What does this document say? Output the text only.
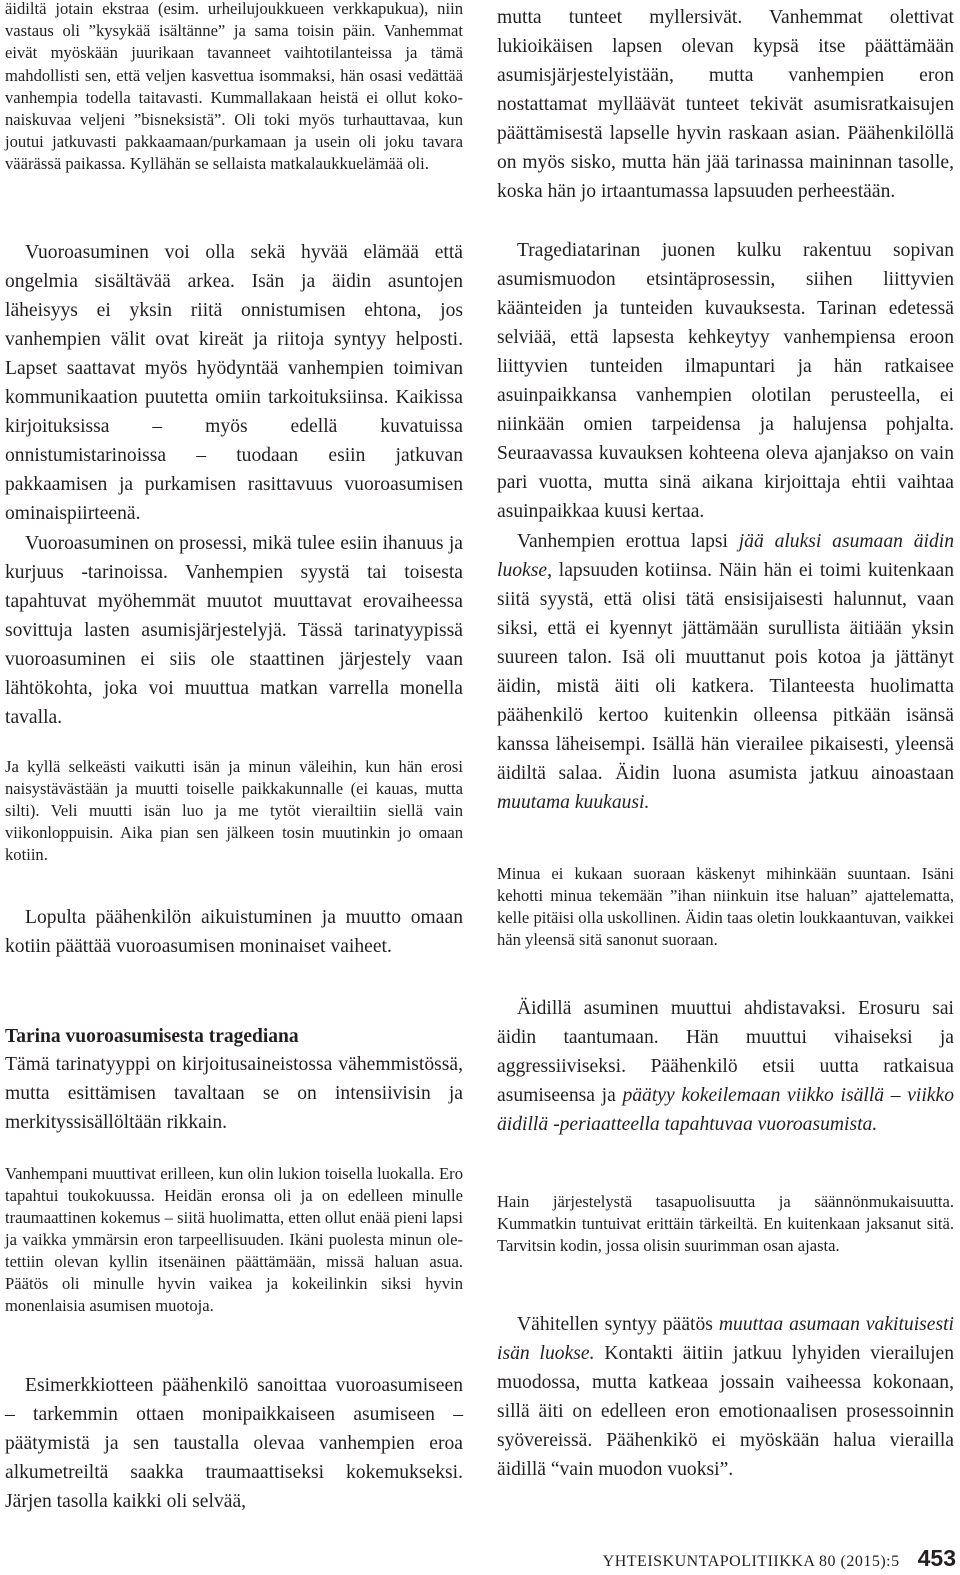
äidiltä jotain ekstraa (esim. urheilujoukkueen verkkapukua), niin vastaus oli ”kysykää isältänne” ja sama toisin päin. Vanhemmat eivät myöskään juurikaan tavanneet vaihtotilanteissa ja tämä mahdollisti sen, että veljen kasvettua isommaksi, hän osasi vedättää vanhempia todella taitavasti. Kummallakaan heistä ei ollut kokonaiskuvaa veljeni ”bisneksistä”. Oli toki myös turhauttavaa, kun joutui jatkuvasti pakkaamaan/purkamaan ja usein oli joku tavara väärässä paikassa. Kyllähän se sellaista matkalaukkuelämää oli.

Vuoroasuminen voi olla sekä hyvää elämää että ongelmia sisältävää arkea. Isän ja äidin asuntojen läheisyys ei yksin riitä onnistumisen ehtona, jos vanhempien välit ovat kireät ja riitoja syntyy helposti. Lapset saattavat myös hyödyntää vanhempien toimivan kommunikaation puutetta omiin tarkoituksiinsa. Kaikissa kirjoituksissa – myös edellä kuvatuissa onnistumistarinoissa – tuodaan esiin jatkuvan pakkaamisen ja purkamisen rasittavuus vuoroasumisen ominaispiirteenä.

Vuoroasuminen on prosessi, mikä tulee esiin ihanuus ja kurjuus -tarinoissa. Vanhempien syystä tai toisesta tapahtuvat myöhemmät muutot muuttavat erovaiheessa sovittuja lasten asumisjärjestelyjä. Tässä tarinatyypissä vuoroasuminen ei siis ole staattinen järjestely vaan lähtökohta, joka voi muuttua matkan varrella monella tavalla.

Ja kyllä selkeästi vaikutti isän ja minun väleihin, kun hän erosi naisystävästään ja muutti toiselle paikkakunnalle (ei kauas, mutta silti). Veli muutti isän luo ja me tytöt vierailtiin siellä vain viikonloppuisin. Aika pian sen jälkeen tosin muutinkin jo omaan kotiin.

Lopulta päähenkilön aikuistuminen ja muutto omaan kotiin päättää vuoroasumisen moninaiset vaiheet.

Tarina vuoroasumisesta tragediana

Tämä tarinatyyppi on kirjoitusaineistossa vähemmistössä, mutta esittämisen tavaltaan se on intensiivisin ja merkityssisällöltään rikkain.

Vanhempani muuttivat erilleen, kun olin lukion toisella luokalla. Ero tapahtui toukokuussa. Heidän eronsa oli ja on edelleen minulle traumaattinen kokemus – siitä huolimatta, etten ollut enää pieni lapsi ja vaikka ymmärsin eron tarpeellisuuden. Ikäni puolesta minun oletettiin olevan kyllin itsenäinen päättämään, missä haluan asua. Päätös oli minulle hyvin vaikea ja kokeilinkin siksi hyvin monenlaisia asumisen muotoja.

Esimerkkiotteen päähenkilö sanoittaa vuoroasumiseen – tarkemmin ottaen monipaikkaiseen asumiseen – päätymistä ja sen taustalla olevaa vanhempien eroa alkumetreiltä saakka traumaattiseksi kokemukseksi. Järjen tasolla kaikki oli selvää,

mutta tunteet myllersivät. Vanhemmat olettivat lukioikäisen lapsen olevan kypsä itse päättämään asumisjärjestelyistään, mutta vanhempien eron nostattamat mylläävät tunteet tekivät asumisratkaisujen päättämisestä lapselle hyvin raskaan asian. Päähenkilöllä on myös sisko, mutta hän jää tarinassa maininnan tasolle, koska hän jo irtaantumassa lapsuuden perheestään.

Tragediatarinan juonen kulku rakentuu sopivan asumismuodon etsintäprosessin, siihen liittyvien käänteiden ja tunteiden kuvauksesta. Tarinan edetessä selviää, että lapsesta kehkeytyy vanhempiensa eroon liittyvien tunteiden ilmapuntari ja hän ratkaisee asuinpaikkansa vanhempien olotilan perusteella, ei niinkään omien tarpeidensa ja halujensa pohjalta. Seuraavassa kuvauksen kohteena oleva ajanjakso on vain pari vuotta, mutta sinä aikana kirjoittaja ehtii vaihtaa asuinpaikkaa kuusi kertaa.

Vanhempien erottua lapsi jää aluksi asumaan äidin luokse, lapsuuden kotiinsa. Näin hän ei toimi kuitenkaan siitä syystä, että olisi tätä ensisijaisesti halunnut, vaan siksi, että ei kyennyt jättämään surullista äitiään yksin suureen talon. Isä oli muuttanut pois kotoa ja jättänyt äidin, mistä äiti oli katkera. Tilanteesta huolimatta päähenkilö kertoo kuitenkin olleensa pitkään isänsä kanssa läheisempi. Isällä hän vierailee pikaisesti, yleensä äidiltä salaa. Äidin luona asumista jatkuu ainoastaan muutama kuukausi.

Minua ei kukaan suoraan käskenyt mihinkään suuntaan. Isäni kehotti minua tekemään ”ihan niinkuin itse haluan” ajattelematta, kelle pitäisi olla uskollinen. Äidin taas oletin loukkaantuvan, vaikkei hän yleensä sitä sanonut suoraan.

Äidillä asuminen muuttui ahdistavaksi. Erosuru sai äidin taantumaan. Hän muuttui vihaiseksi ja aggressiiviseksi. Päähenkilö etsii uutta ratkaisua asumiseensa ja päätyy kokeilemaan viikko isällä – viikko äidillä -periaatteella tapahtuvaa vuoroasumista.

Hain järjestelystä tasapuolisuutta ja säännönmukaisuutta. Kummatkin tuntuivat erittäin tärkeiltä. En kuitenkaan jaksanut sitä. Tarvitsin kodin, jossa olisin suurimman osan ajasta.

Vähitellen syntyy päätös muuttaa asumaan vakituisesti isän luokse. Kontakti äitiin jatkuu lyhyiden vierailujen muodossa, mutta katkeaa jossain vaiheessa kokonaan, sillä äiti on edelleen eron emotionaalisen prosessoinnin syövereissä. Päähenkikö ei myöskään halua vierailla äidillä “vain muodon vuoksi”.

YHTEISKUNTAPOLITIIKKA 80 (2015):5 453
